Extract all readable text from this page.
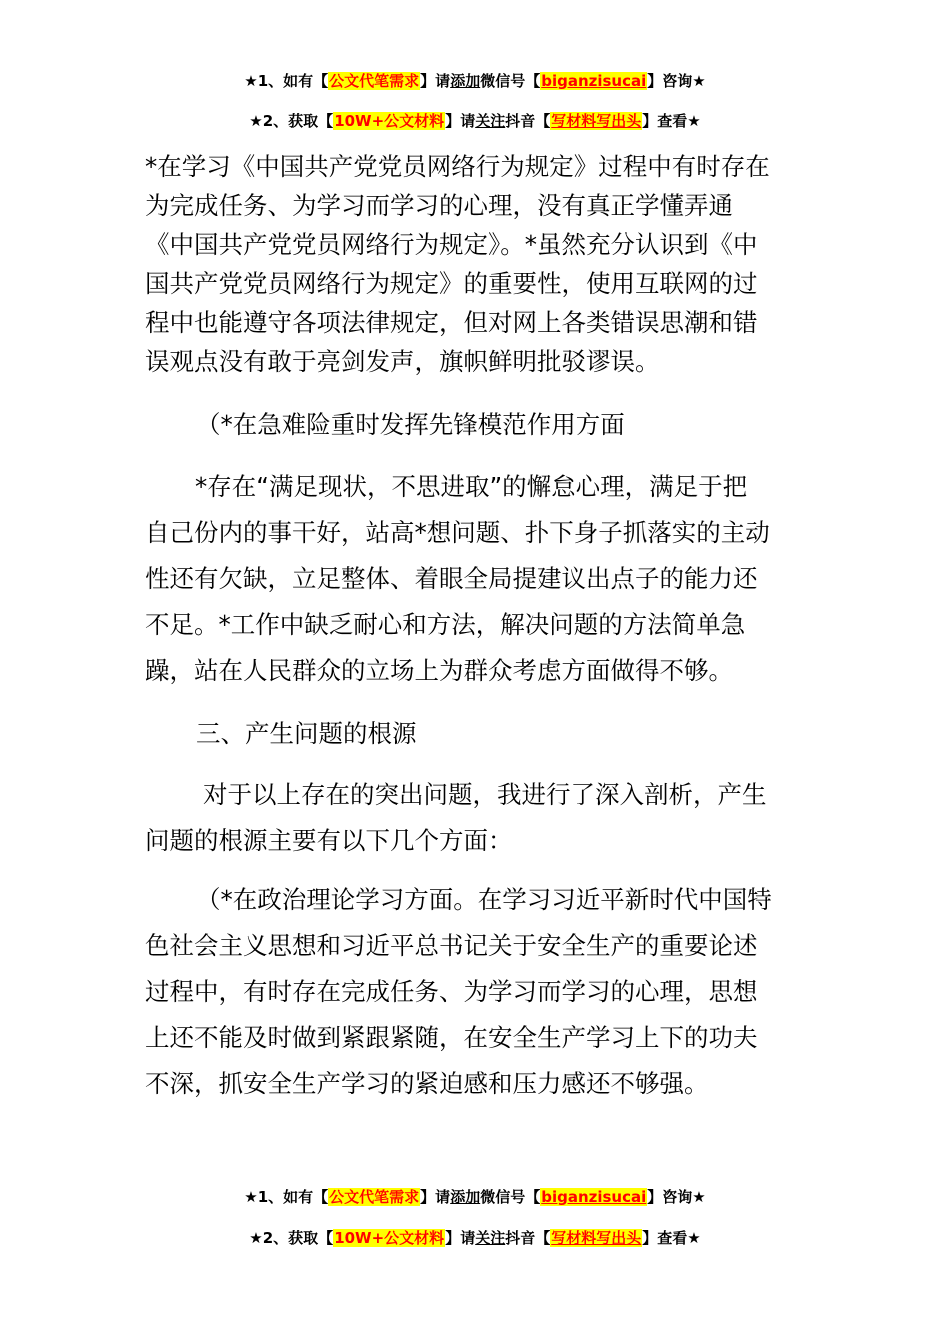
★1、如有【公文代笔需求】请添加微信号【biganzisucai】咨询★
★2、获取【10W+公文材料】请关注抖音【写材料写出头】查看★
*在学习《中国共产党党员网络行为规定》过程中有时存在
为完成任务、为学习而学习的心理，没有真正学懂弄通
《中国共产党党员网络行为规定》。*虽然充分认识到《中
国共产党党员网络行为规定》的重要性，使用互联网的过
程中也能遵守各项法律规定，但对网上各类错误思潮和错
误观点没有敢于亮剑发声，旗帜鲜明批驳谬误。
（*在急难险重时发挥先锋模范作用方面
*存在“满足现状，不思进取”的懈怠心理，满足于把
自己份内的事干好，站高*想问题、扑下身子抓落实的主动
性还有欠缺，立足整体、着眼全局提建议出点子的能力还
不足。*工作中缺乏耐心和方法，解决问题的方法简单急
躁，站在人民群众的立场上为群众考虑方面做得不够。
三、产生问题的根源
对于以上存在的突出问题，我进行了深入剖析，产生
问题的根源主要有以下几个方面：
（*在政治理论学习方面。在学习习近平新时代中国特
色社会主义思想和习近平总书记关于安全生产的重要论述
过程中，有时存在完成任务、为学习而学习的心理，思想
上还不能及时做到紧跟紧随，在安全生产学习上下的功夫
不深，抓安全生产学习的紧迫感和压力感还不够强。
★1、如有【公文代笔需求】请添加微信号【biganzisucai】咨询★
★2、获取【10W+公文材料】请关注抖音【写材料写出头】查看★
